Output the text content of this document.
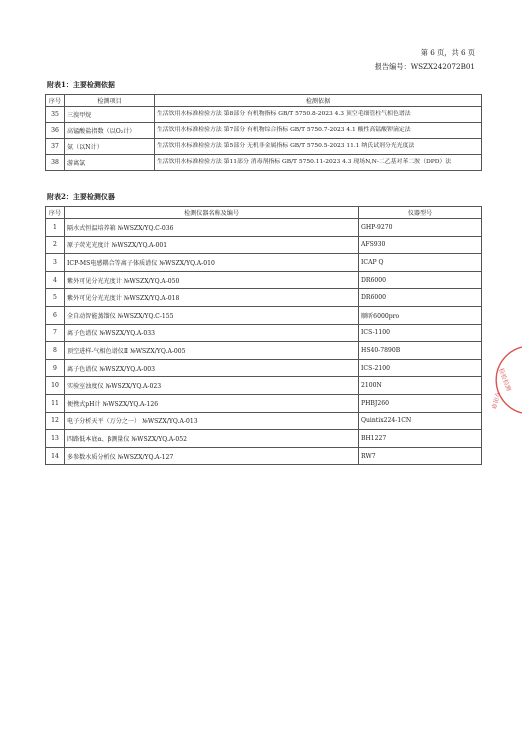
第 6 页，共 6 页
报告编号：WSZX242072B01
附表1：主要检测依据
序号	检测项目	检测依据
35	三溴甲烷	生活饮用水标准检验方法 第8部分 有机物指标 GB/T 5750.8-2023 4.3 顶空毛细管柱气相色谱法
36	高锰酸盐指数（以O₂计）	生活饮用水标准检验方法 第7部分 有机物综合指标 GB/T 5750.7-2023 4.1 酸性高锰酸钾滴定法
37	氨（以N计）	生活饮用水标准检验方法 第5部分 无机非金属指标 GB/T 5750.5-2023 11.1 纳氏试剂分光光度法
38	游离氯	生活饮用水标准检验方法 第11部分 消毒剂指标 GB/T 5750.11-2023 4.3 现场N,N-二乙基对苯二胺（DPD）法
附表2：主要检测仪器
序号	检测仪器名称及编号	仪器型号
1	隔水式恒温培养箱 №WSZX/YQ.C-036	GHP-9270
2	原子荧光光度计 №WSZX/YQ.A-001	AFS930
3	ICP-MS电感耦合等离子体质谱仪 №WSZX/YQ.A-010	ICAP Q
4	紫外可见分光光度计 №WSZX/YQ.A-050	DR6000
5	紫外可见分光光度计 №WSZX/YQ.A-018	DR6000
6	全自动智能蒸馏仪 №WSZX/YQ.C-155	顺昕6000pro
7	离子色谱仪 №WSZX/YQ.A-033	ICS-1100
8	顶空进样-气相色谱仪Ⅱ №WSZX/YQ.A-005	HS40-7890B
9	离子色谱仪 №WSZX/YQ.A-003	ICS-2100
10	实验室浊度仪 №WSZX/YQ.A-023	2100N
11	便携式pH计 №WSZX/YQ.A-126	PHBJ260
12	电子分析天平（万分之一） №WSZX/YQ.A-013	Quintix224-1CN
13	四路低本底α、β测量仪 №WSZX/YQ.A-052	BH1227
14	多参数水质分析仪 №WSZX/YQ.A-127	RW7
检验检测
专用章
